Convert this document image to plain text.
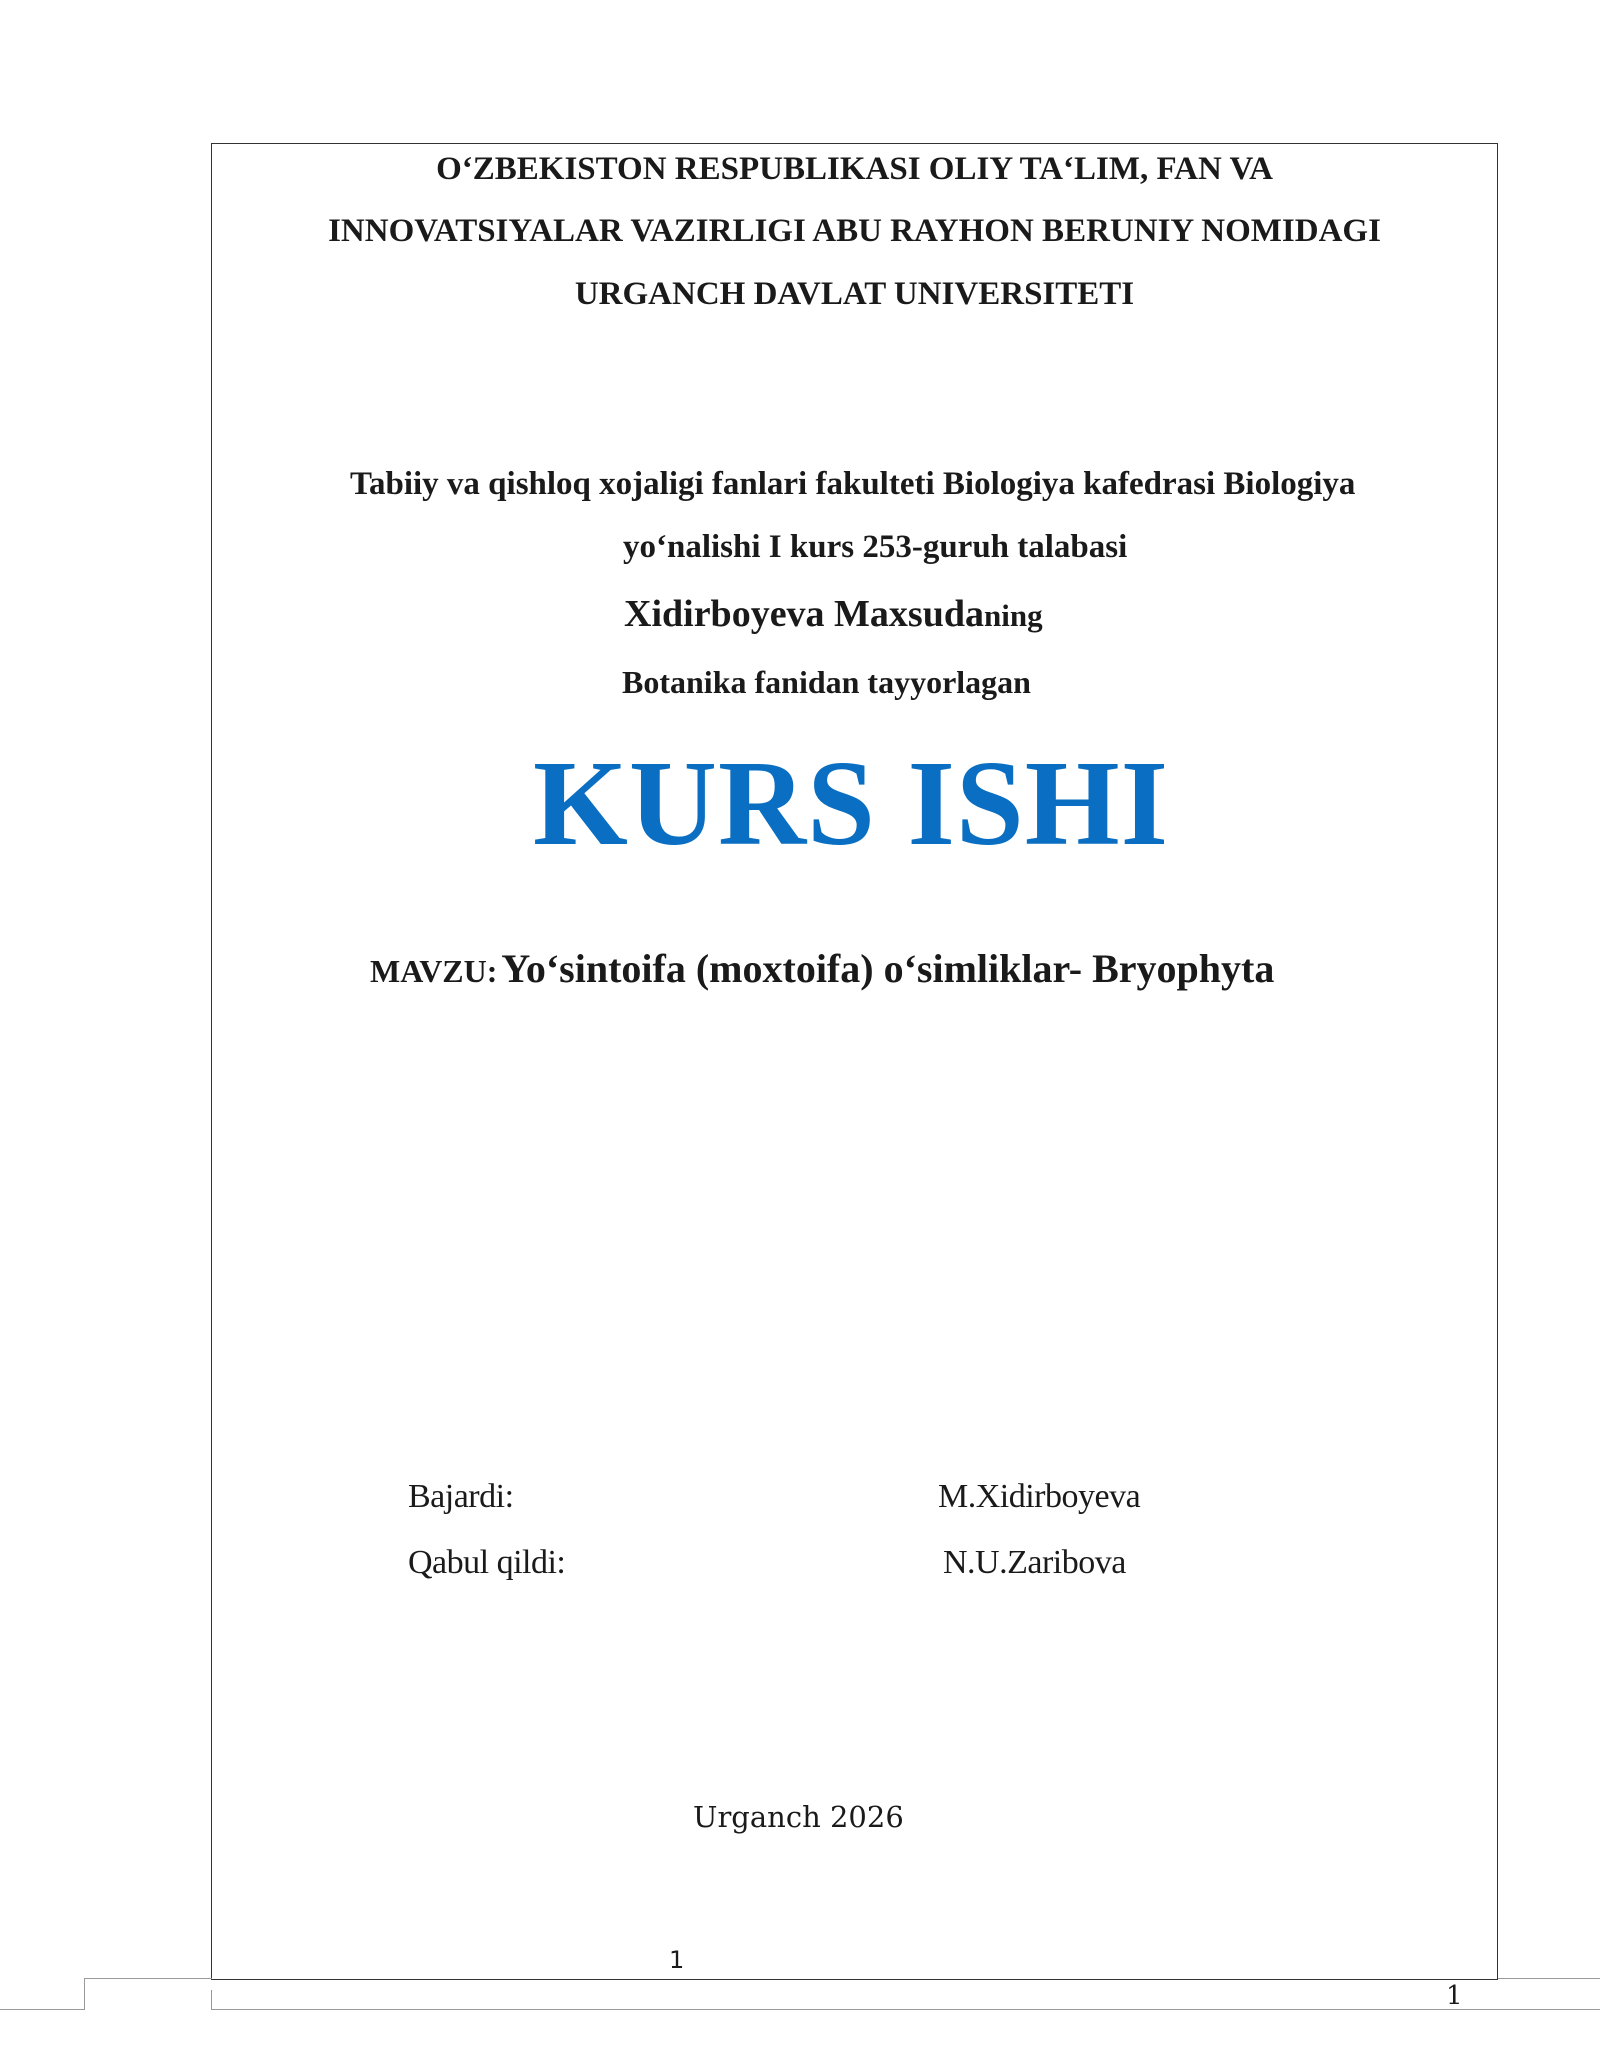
O‘ZBEKISTON RESPUBLIKASI OLIY TA‘LIM, FAN VA
INNOVATSIYALAR VAZIRLIGI ABU RAYHON BERUNIY NOMIDAGI
URGANCH DAVLAT UNIVERSITETI
Tabiiy va qishloq xojaligi fanlari fakulteti Biologiya kafedrasi Biologiya
yo‘nalishi I kurs 253-guruh talabasi
Xidirboyeva Maxsudaning
Botanika fanidan tayyorlagan
KURS ISHI
MAVZU: Yo‘sintoifa (moxtoifa) o‘simliklar- Bryophyta
Bajardi:	M.Xidirboyeva
Qabul qildi:	N.U.Zaribova
Urganch 2026
1
1
